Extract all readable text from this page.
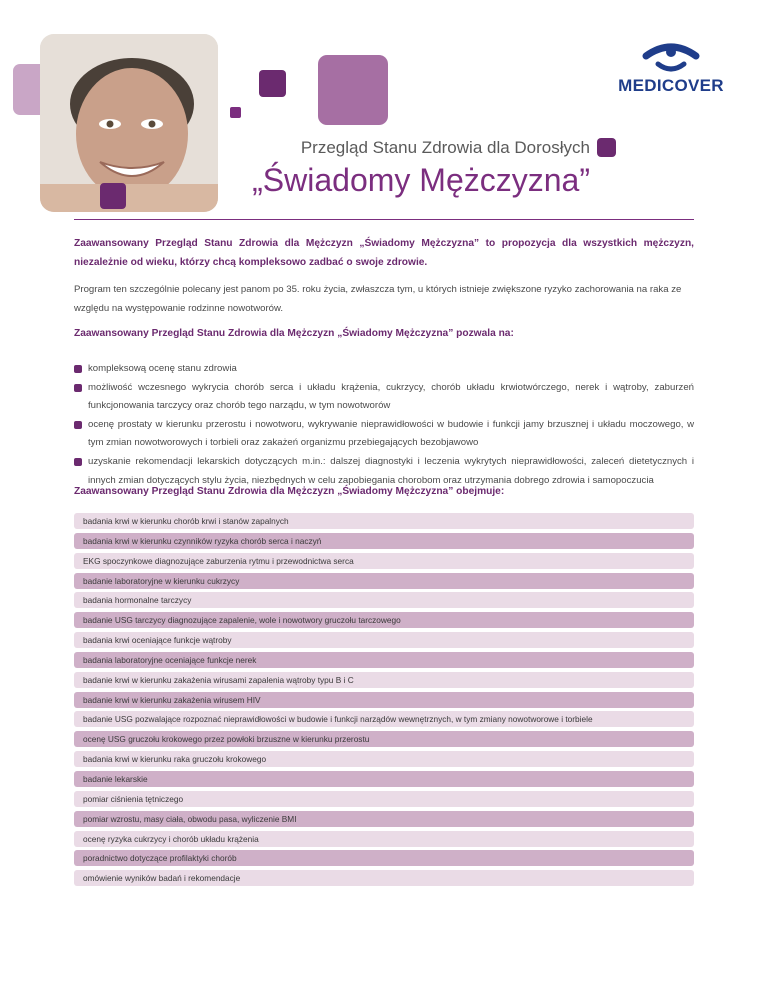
MEDICOVER
Przegląd Stanu Zdrowia dla Dorosłych
„Świadomy Mężczyzna”
Zaawansowany Przegląd Stanu Zdrowia dla Mężczyzn „Świadomy Mężczyzna” to propozycja dla wszystkich mężczyzn, niezależnie od wieku, którzy chcą kompleksowo zadbać o swoje zdrowie.
Program ten szczególnie polecany jest panom po 35. roku życia, zwłaszcza tym, u których istnieje zwiększone ryzyko zachorowania na raka ze względu na występowanie rodzinne nowotworów.
Zaawansowany Przegląd Stanu Zdrowia dla Mężczyzn „Świadomy Mężczyzna” pozwala na:
kompleksową ocenę stanu zdrowia
możliwość wczesnego wykrycia chorób serca i układu krążenia, cukrzycy, chorób układu krwiotwórczego, nerek i wątroby, zaburzeń funkcjonowania tarczycy oraz chorób tego narządu, w tym nowotworów
ocenę prostaty w kierunku przerostu i nowotworu, wykrywanie nieprawidłowości w budowie i funkcji jamy brzusznej i układu moczowego, w tym zmian nowotworowych i torbieli oraz zakażeń organizmu przebiegających bezobjawowo
uzyskanie rekomendacji lekarskich dotyczących m.in.: dalszej diagnostyki i leczenia wykrytych nieprawidłowości, zaleceń dietetycznych i innych zmian dotyczących stylu życia, niezbędnych w celu zapobiegania chorobom oraz utrzymania dobrego zdrowia i samopoczucia
Zaawansowany Przegląd Stanu Zdrowia dla Mężczyzn „Świadomy Mężczyzna” obejmuje:
badania krwi w kierunku chorób krwi i stanów zapalnych
badania krwi w kierunku czynników ryzyka chorób serca i naczyń
EKG spoczynkowe diagnozujące zaburzenia rytmu i przewodnictwa serca
badanie laboratoryjne w kierunku cukrzycy
badania hormonalne tarczycy
badanie USG tarczycy diagnozujące zapalenie, wole i nowotwory gruczołu tarczowego
badania krwi oceniające funkcje wątroby
badania laboratoryjne oceniające funkcje nerek
badanie krwi w kierunku zakażenia wirusami zapalenia wątroby typu B i C
badanie krwi w kierunku zakażenia wirusem HIV
badanie USG pozwalające rozpoznać nieprawidłowości w budowie i funkcji narządów wewnętrznych, w tym zmiany nowotworowe i torbiele
ocenę USG gruczołu krokowego przez powłoki brzuszne w kierunku przerostu
badania krwi w kierunku raka gruczołu krokowego
badanie lekarskie
pomiar ciśnienia tętniczego
pomiar wzrostu, masy ciała, obwodu pasa, wyliczenie BMI
ocenę ryzyka cukrzycy i chorób układu krążenia
poradnictwo dotyczące profilaktyki chorób
omówienie wyników badań i rekomendacje
